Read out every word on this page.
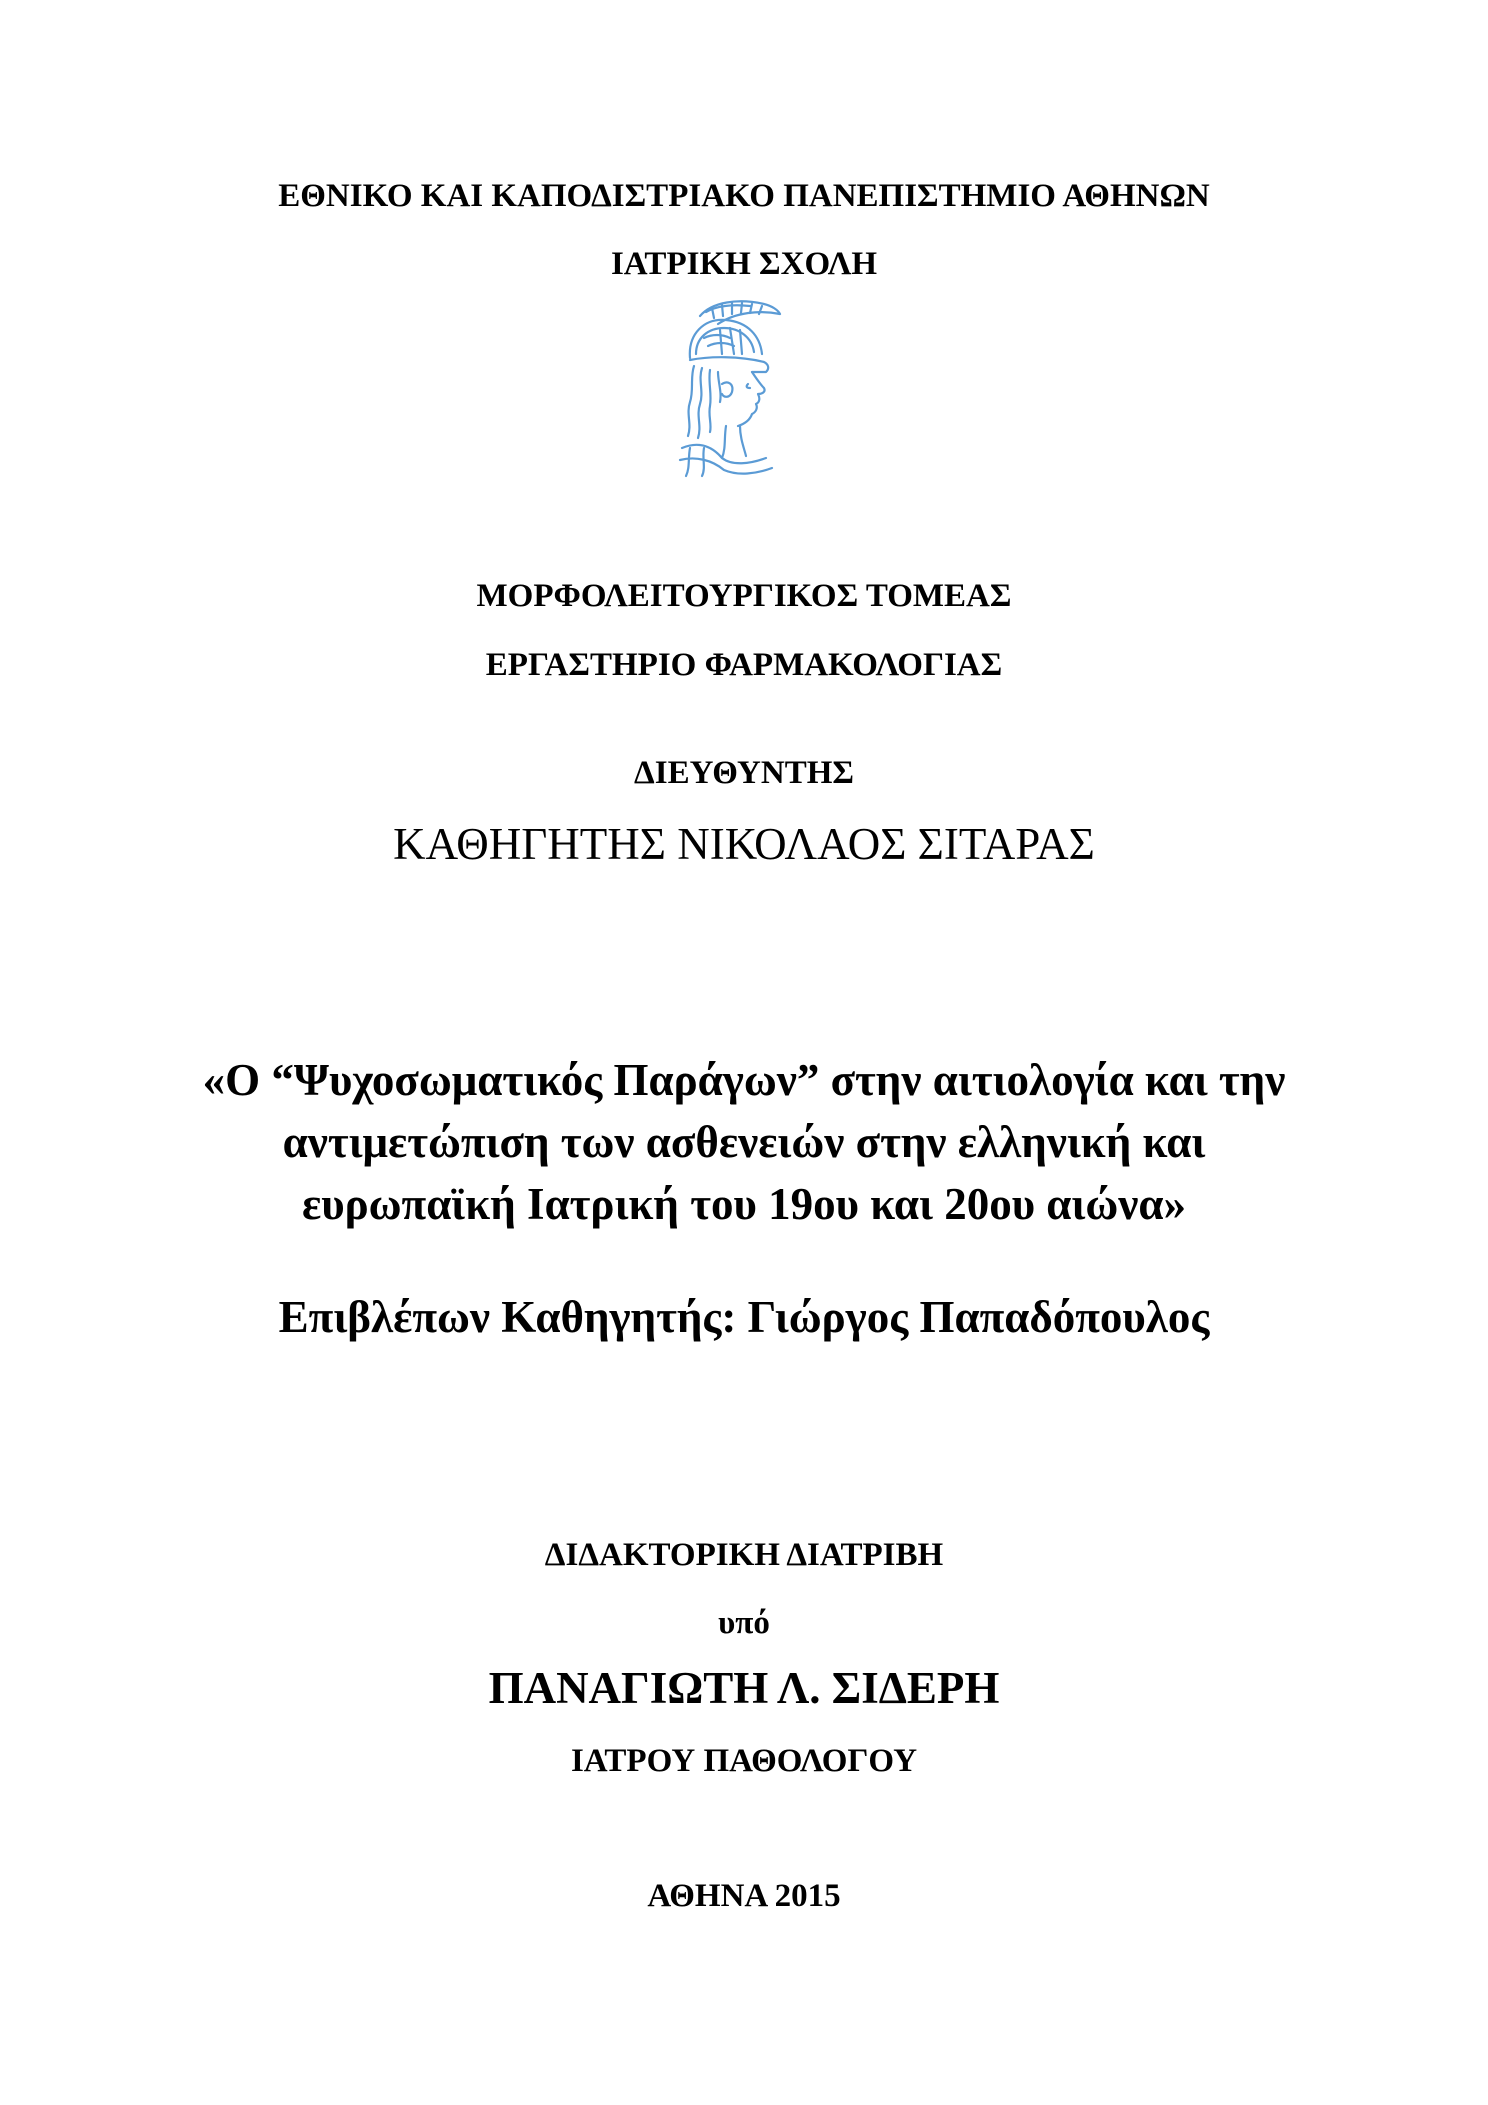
ΕΘΝΙΚΟ ΚΑΙ ΚΑΠΟΔΙΣΤΡΙΑΚΟ ΠΑΝΕΠΙΣΤΗΜΙΟ ΑΘΗΝΩΝ
ΙΑΤΡΙΚΗ ΣΧΟΛΗ
ΜΟΡΦΟΛΕΙΤΟΥΡΓΙΚΟΣ ΤΟΜΕΑΣ
ΕΡΓΑΣΤΗΡΙΟ ΦΑΡΜΑΚΟΛΟΓΙΑΣ
ΔΙΕΥΘΥΝΤΗΣ
ΚΑΘΗΓΗΤΗΣ ΝΙΚΟΛΑΟΣ ΣΙΤΑΡΑΣ
«Ο “Ψυχοσωματικός Παράγων” στην αιτιολογία και την
αντιμετώπιση των ασθενειών στην ελληνική και
ευρωπαϊκή Ιατρική του 19ου και 20ου αιώνα»
Επιβλέπων Καθηγητής: Γιώργος Παπαδόπουλος
ΔΙΔΑΚΤΟΡΙΚΗ ΔΙΑΤΡΙΒΗ
υπό
ΠΑΝΑΓΙΩΤΗ Λ. ΣΙΔΕΡΗ
ΙΑΤΡΟΥ ΠΑΘΟΛΟΓΟΥ
ΑΘΗΝΑ 2015
